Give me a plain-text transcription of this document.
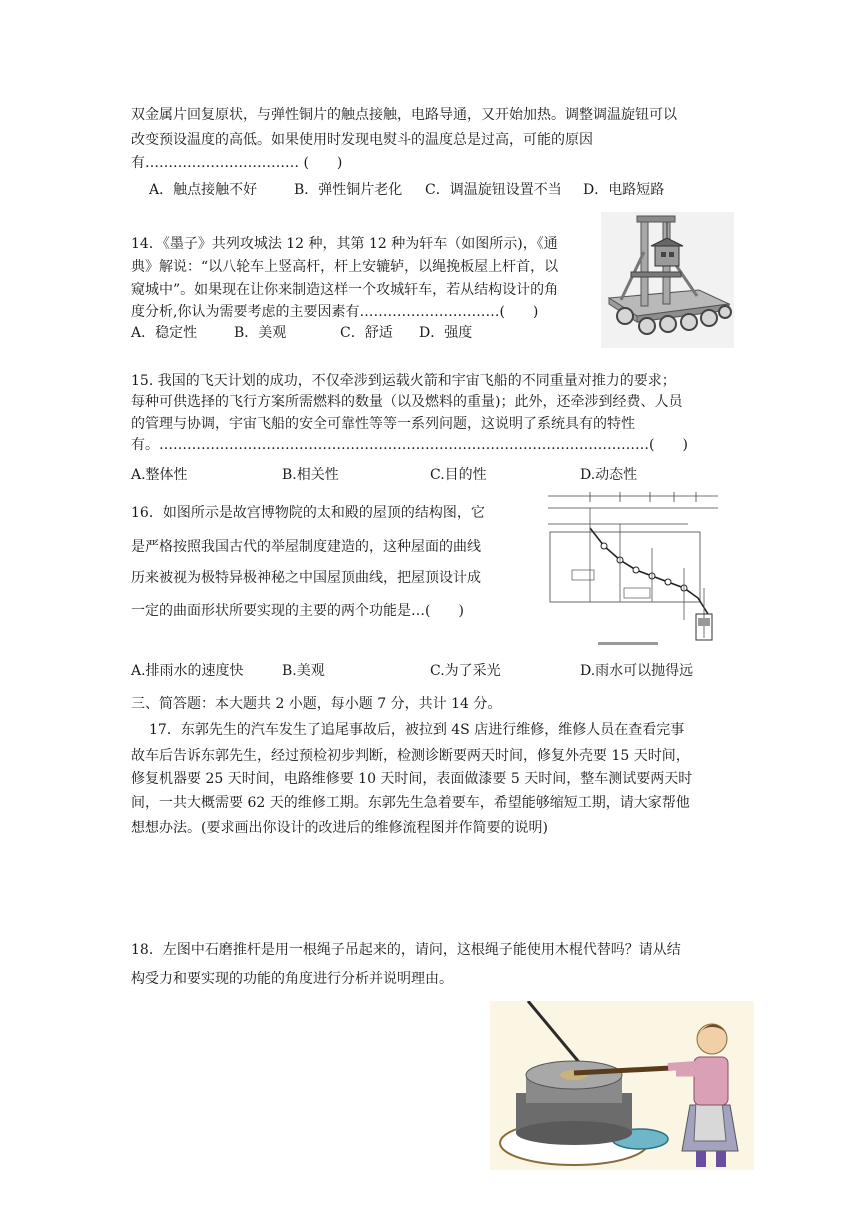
双金属片回复原状，与弹性铜片的触点接触，电路导通，又开始加热。调整调温旋钮可以
改变预设温度的高低。如果使用时发现电熨斗的温度总是过高，可能的原因
有…………………………… (　　)
A．触点接触不好	B．弹性铜片老化 C．调温旋钮设置不当 D．电路短路
14．《墨子》共列攻城法 12 种，其第 12 种为轩车（如图所示)，《通
典》解说：“以八轮车上竖高杆，杆上安辘轳，以绳挽板屋上杆首，以
窥城中”。如果现在让你来制造这样一个攻城轩车，若从结构设计的角
度分析,你认为需要考虑的主要因素有…………………………(　　)
A．稳定性	B．美观	C．舒适 D．强度
15. 我国的飞天计划的成功，不仅牵涉到运载火箭和宇宙飞船的不同重量对推力的要求；
每种可供选择的飞行方案所需燃料的数量（以及燃料的重量)；此外，还牵涉到经费、人员
的管理与协调，宇宙飞船的安全可靠性等等一系列问题，这说明了系统具有的特性
有。……………………………………………………………………………………………(　　)
A.整体性	B.相关性	C.目的性	D.动态性
16．如图所示是故宫博物院的太和殿的屋顶的结构图，它
是严格按照我国古代的举屋制度建造的，这种屋面的曲线
历来被视为极特异极神秘之中国屋顶曲线，把屋顶设计成
一定的曲面形状所要实现的主要的两个功能是…(　　)
A.排雨水的速度快	B.美观	C.为了采光	D.雨水可以抛得远
三、简答题：本大题共 2 小题，每小题 7 分，共计 14 分。
17．东郭先生的汽车发生了追尾事故后，被拉到 4S 店进行维修，维修人员在查看完事
故车后告诉东郭先生，经过预检初步判断，检测诊断要两天时间，修复外壳要 15 天时间，
修复机器要 25 天时间，电路维修要 10 天时间，表面做漆要 5 天时间，整车测试要两天时
间，一共大概需要 62 天的维修工期。东郭先生急着要车，希望能够缩短工期，请大家帮他
想想办法。(要求画出你设计的改进后的维修流程图并作简要的说明)
18．左图中石磨推杆是用一根绳子吊起来的，请问，这根绳子能使用木棍代替吗？请从结
构受力和要实现的功能的角度进行分析并说明理由。
